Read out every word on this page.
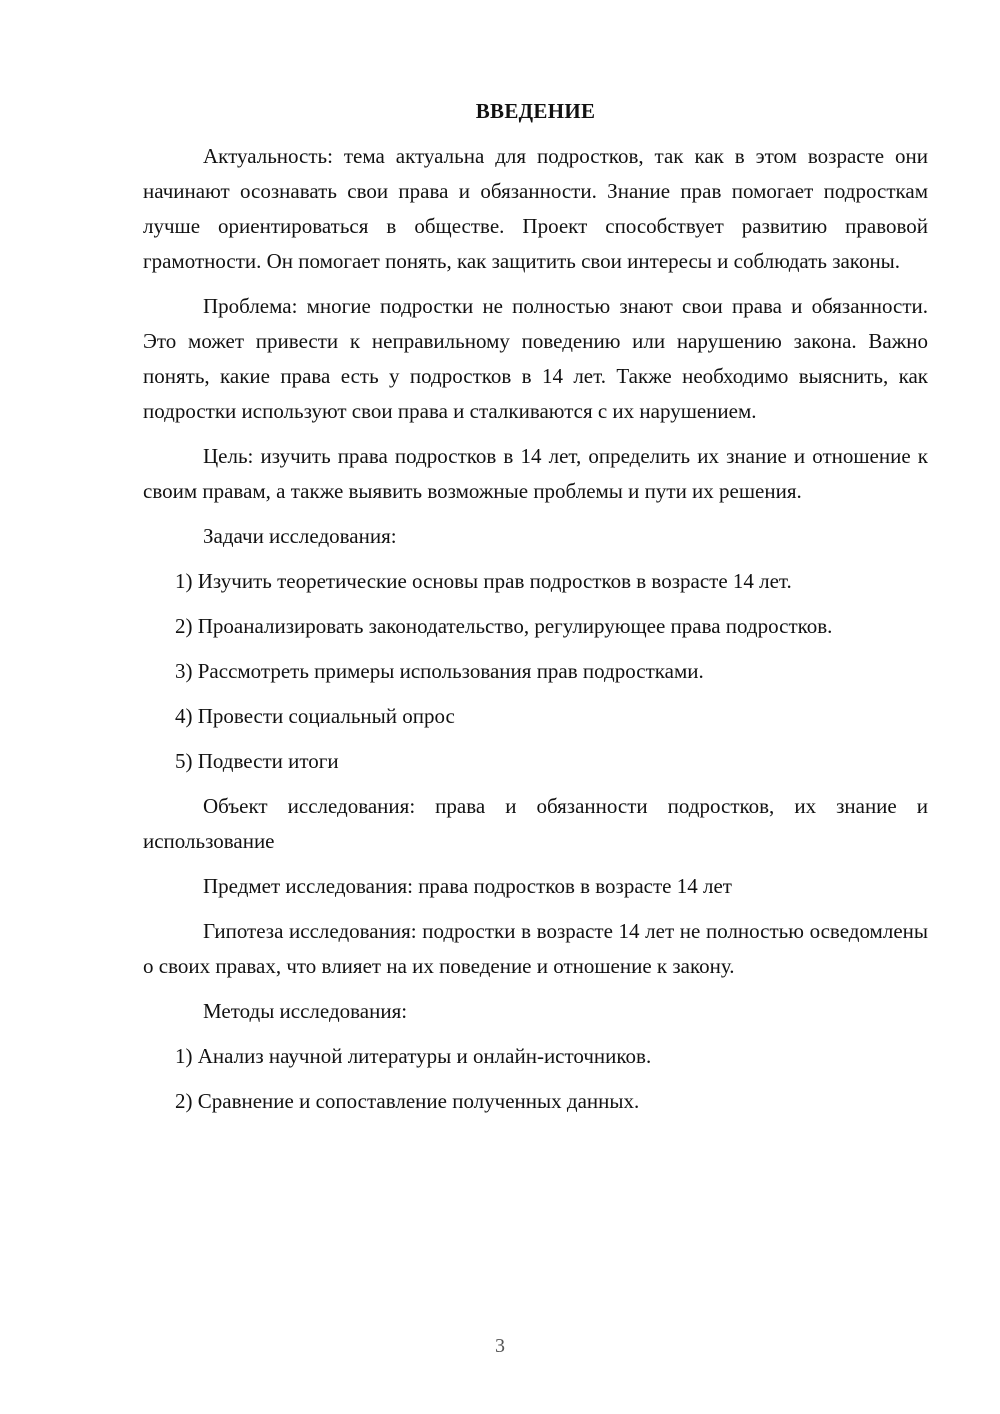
ВВЕДЕНИЕ

Актуальность: тема актуальна для подростков, так как в этом возрасте они начинают осознавать свои права и обязанности. Знание прав помогает подросткам лучше ориентироваться в обществе. Проект способствует развитию правовой грамотности. Он помогает понять, как защитить свои интересы и соблюдать законы.

Проблема: многие подростки не полностью знают свои права и обязанности. Это может привести к неправильному поведению или нарушению закона. Важно понять, какие права есть у подростков в 14 лет. Также необходимо выяснить, как подростки используют свои права и сталкиваются с их нарушением.

Цель: изучить права подростков в 14 лет, определить их знание и отношение к своим правам, а также выявить возможные проблемы и пути их решения.

Задачи исследования:

1) Изучить теоретические основы прав подростков в возрасте 14 лет.

2) Проанализировать законодательство, регулирующее права подростков.

3) Рассмотреть примеры использования прав подростками.

4) Провести социальный опрос

5) Подвести итоги

Объект исследования: права и обязанности подростков, их знание и использование

Предмет исследования: права подростков в возрасте 14 лет

Гипотеза исследования: подростки в возрасте 14 лет не полностью осведомлены о своих правах, что влияет на их поведение и отношение к закону.

Методы исследования:

1) Анализ научной литературы и онлайн-источников.

2) Сравнение и сопоставление полученных данных.

3
